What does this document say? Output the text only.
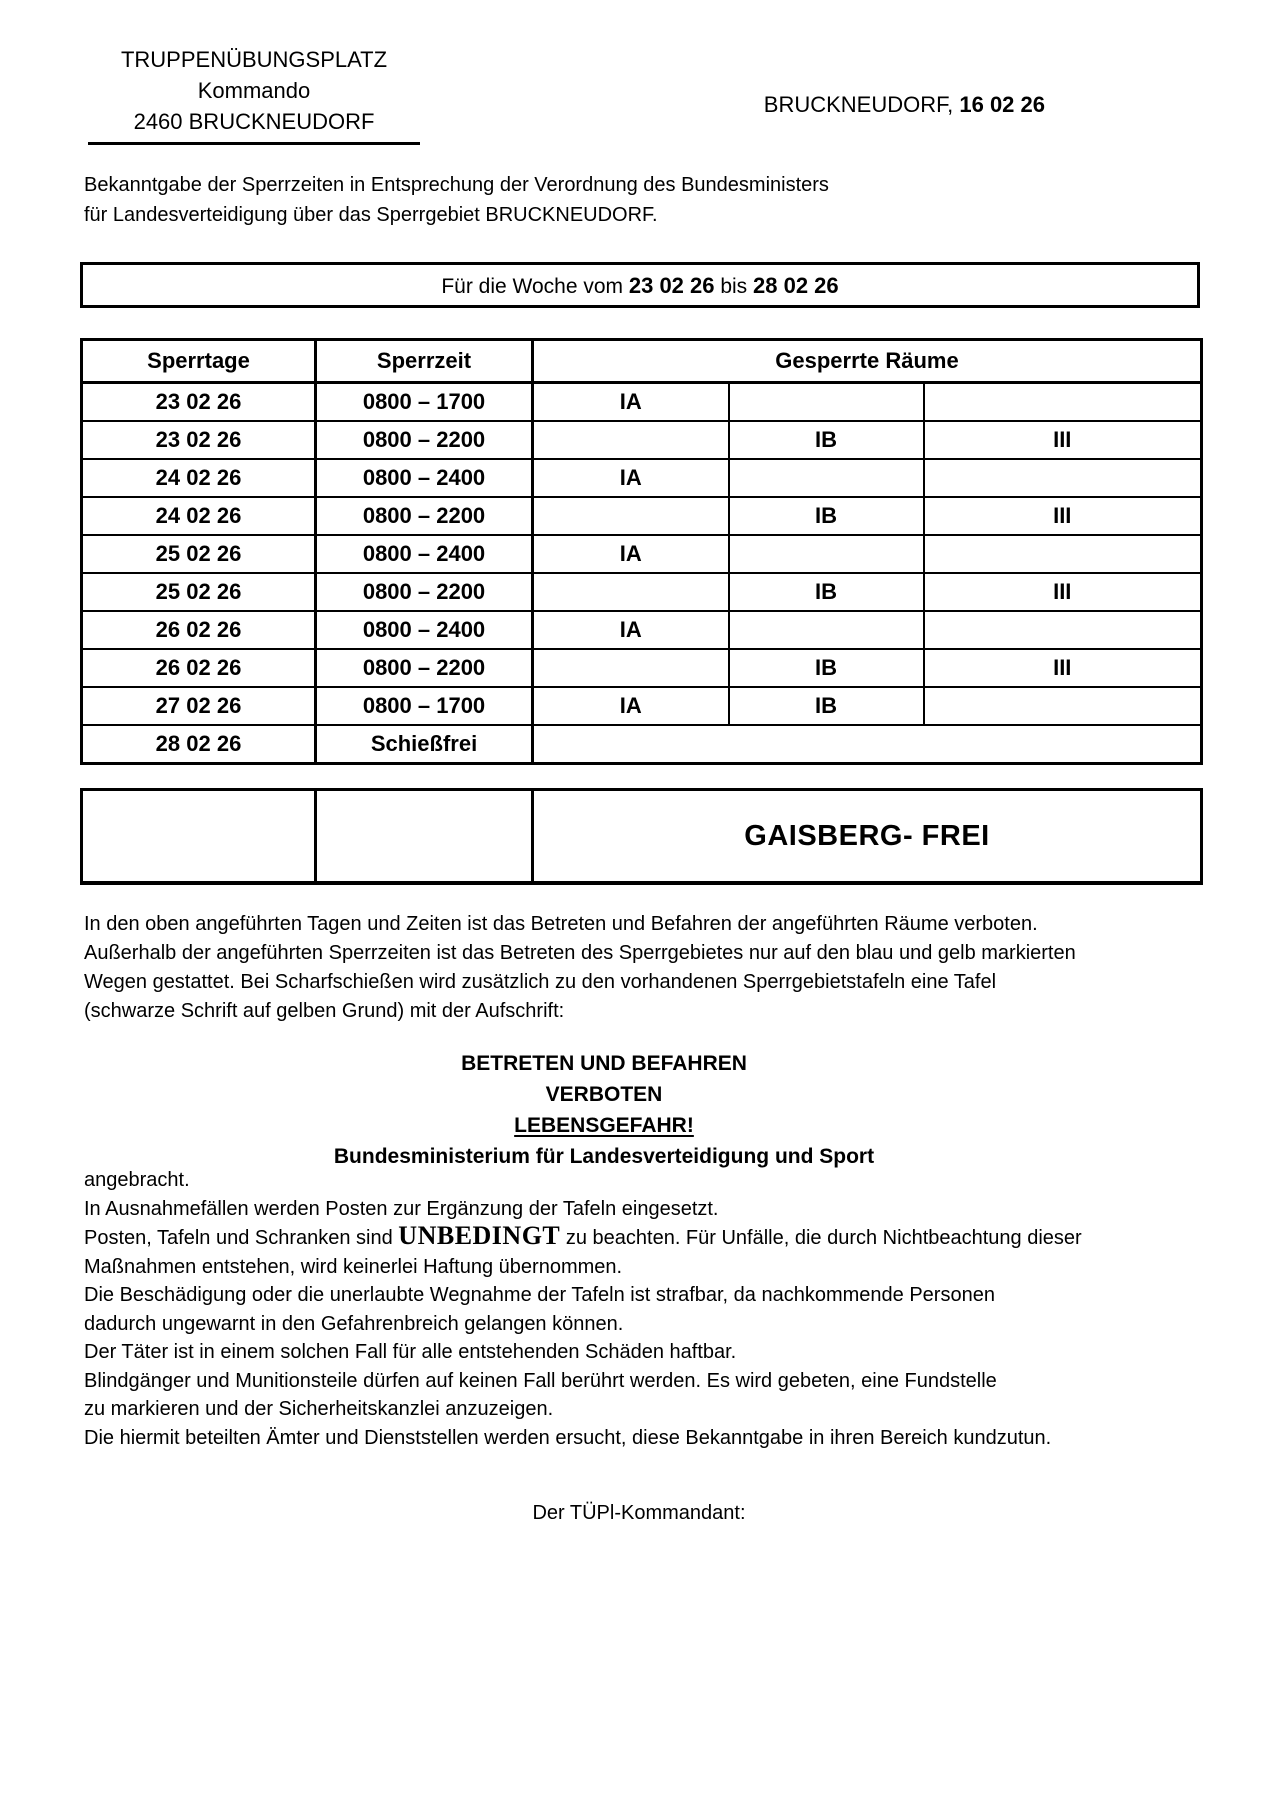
TRUPPENÜBUNGSPLATZ
Kommando
2460 BRUCKNEUDORF
BRUCKNEUDORF, 16 02 26
Bekanntgabe der Sperrzeiten in Entsprechung der Verordnung des Bundesministers
für Landesverteidigung über das Sperrgebiet BRUCKNEUDORF.
Für die Woche vom 23 02 26 bis 28 02 26
Sperrtage	Sperrzeit	Gesperrte Räume		
23 02 26	0800 – 1700	IA		
23 02 26	0800 – 2200		IB	III
24 02 26	0800 – 2400	IA		
24 02 26	0800 – 2200		IB	III
25 02 26	0800 – 2400	IA		
25 02 26	0800 – 2200		IB	III
26 02 26	0800 – 2400	IA		
26 02 26	0800 – 2200		IB	III
27 02 26	0800 – 1700	IA	IB	
28 02 26	Schießfrei			
		GAISBERG- FREI
In den oben angeführten Tagen und Zeiten ist das Betreten und Befahren der angeführten Räume verboten.
Außerhalb der angeführten Sperrzeiten ist das Betreten des Sperrgebietes nur auf den blau und gelb markierten
Wegen gestattet. Bei Scharfschießen wird zusätzlich zu den vorhandenen Sperrgebietstafeln eine Tafel
(schwarze Schrift auf gelben Grund) mit der Aufschrift:
BETRETEN UND BEFAHREN
VERBOTEN
LEBENSGEFAHR!
Bundesministerium für Landesverteidigung und Sport
angebracht.
In Ausnahmefällen werden Posten zur Ergänzung der Tafeln eingesetzt.
Posten, Tafeln und Schranken sind UNBEDINGT zu beachten. Für Unfälle, die durch Nichtbeachtung dieser
Maßnahmen entstehen, wird keinerlei Haftung übernommen.
Die Beschädigung oder die unerlaubte Wegnahme der Tafeln ist strafbar, da nachkommende Personen
dadurch ungewarnt in den Gefahrenbreich gelangen können.
Der Täter ist in einem solchen Fall für alle entstehenden Schäden haftbar.
Blindgänger und Munitionsteile dürfen auf keinen Fall berührt werden. Es wird gebeten, eine Fundstelle
zu markieren und der Sicherheitskanzlei anzuzeigen.
Die hiermit beteilten Ämter und Dienststellen werden ersucht, diese Bekanntgabe in ihren Bereich kundzutun.
Der TÜPl-Kommandant:
